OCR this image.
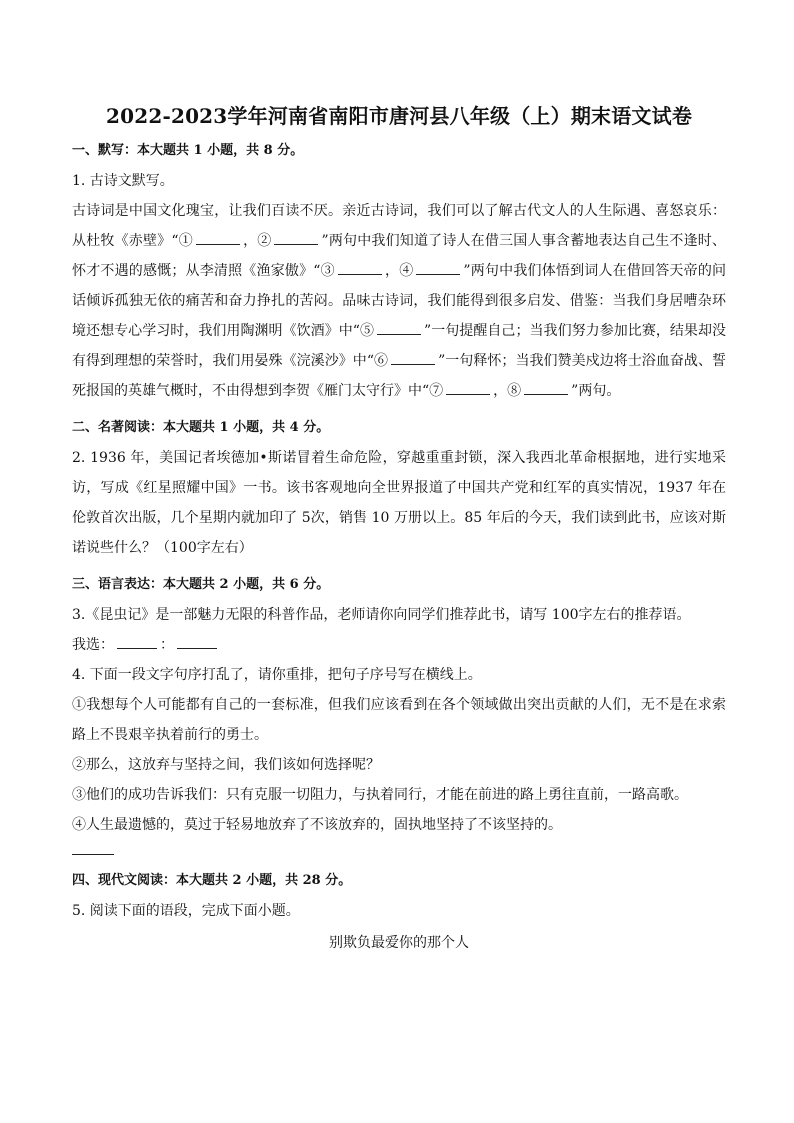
2022-2023学年河南省南阳市唐河县八年级（上）期末语文试卷
一、默写：本大题共 1 小题，共 8 分。

1. 古诗文默写。

古诗词是中国文化瑰宝，让我们百读不厌。亲近古诗词，我们可以了解古代文人的人生际遇、喜怒哀乐：从杜牧《赤壁》“①	，②	”两句中我们知道了诗人在借三国人事含蓄地表达自己生不逢时、怀才不遇的感慨；从李清照《渔家傲》“③	，④	”两句中我们体悟到词人在借回答天帝的问话倾诉孤独无依的痛苦和奋力挣扎的苦闷。品味古诗词，我们能得到很多启发、借鉴：当我们身居嘈杂环境还想专心学习时，我们用陶渊明《饮酒》中“⑤	”一句提醒自己；当我们努力参加比赛，结果却没有得到理想的荣誉时，我们用晏殊《浣溪沙》中“⑥	”一句释怀；当我们赞美戍边将士浴血奋战、誓死报国的英雄气概时，不由得想到李贺《雁门太守行》中“⑦	，⑧	”两句。

二、名著阅读：本大题共 1 小题，共 4 分。

2. 1936 年，美国记者埃德加•斯诺冒着生命危险，穿越重重封锁，深入我西北革命根据地，进行实地采访，写成《红星照耀中国》一书。该书客观地向全世界报道了中国共产党和红军的真实情况，1937 年在伦敦首次出版，几个星期内就加印了 5次，销售 10 万册以上。85 年后的今天，我们读到此书，应该对斯诺说些什么？（100字左右）

三、语言表达：本大题共 2 小题，共 6 分。

3.《昆虫记》是一部魅力无限的科普作品，老师请你向同学们推荐此书，请写 100字左右的推荐语。

我选：	：

4. 下面一段文字句序打乱了，请你重排，把句子序号写在横线上。

①我想每个人可能都有自己的一套标准，但我们应该看到在各个领域做出突出贡献的人们，无不是在求索路上不畏艰辛执着前行的勇士。

②那么，这放弃与坚持之间，我们该如何选择呢？

③他们的成功告诉我们：只有克服一切阻力，与执着同行，才能在前进的路上勇往直前，一路高歌。

④人生最遗憾的，莫过于轻易地放弃了不该放弃的，固执地坚持了不该坚持的。

四、现代文阅读：本大题共 2 小题，共 28 分。

5. 阅读下面的语段，完成下面小题。

别欺负最爱你的那个人
